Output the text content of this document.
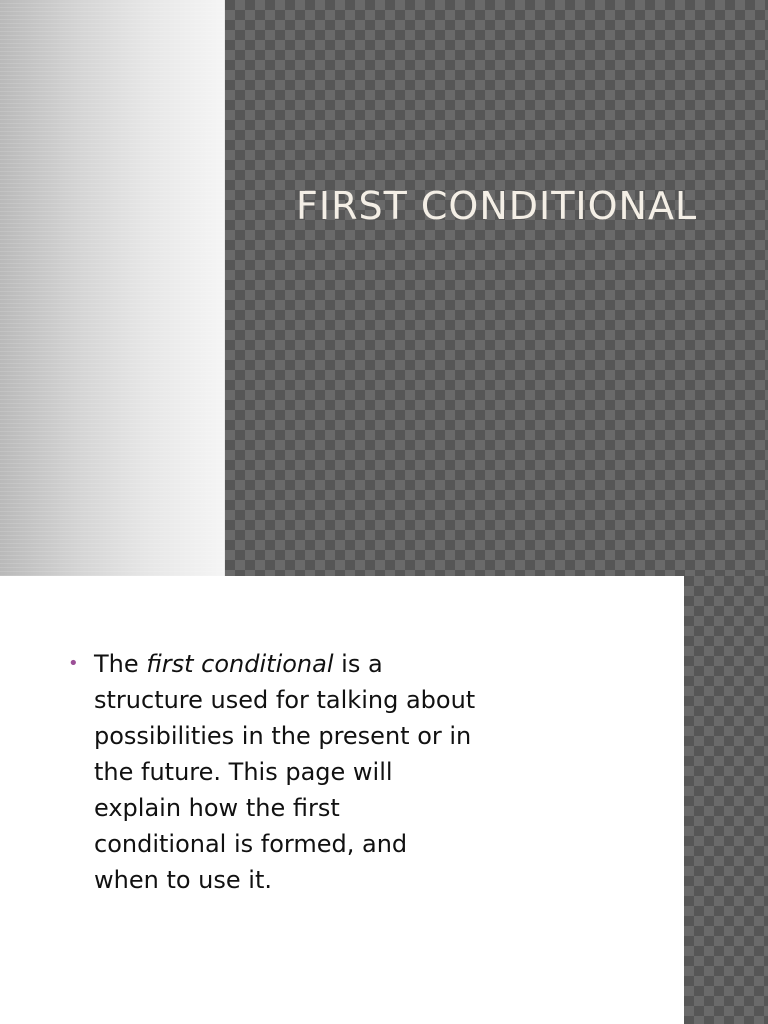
FIRST CONDITIONAL
• The first conditional is a structure used for talking about possibilities in the present or in the future. This page will explain how the first conditional is formed, and when to use it.
